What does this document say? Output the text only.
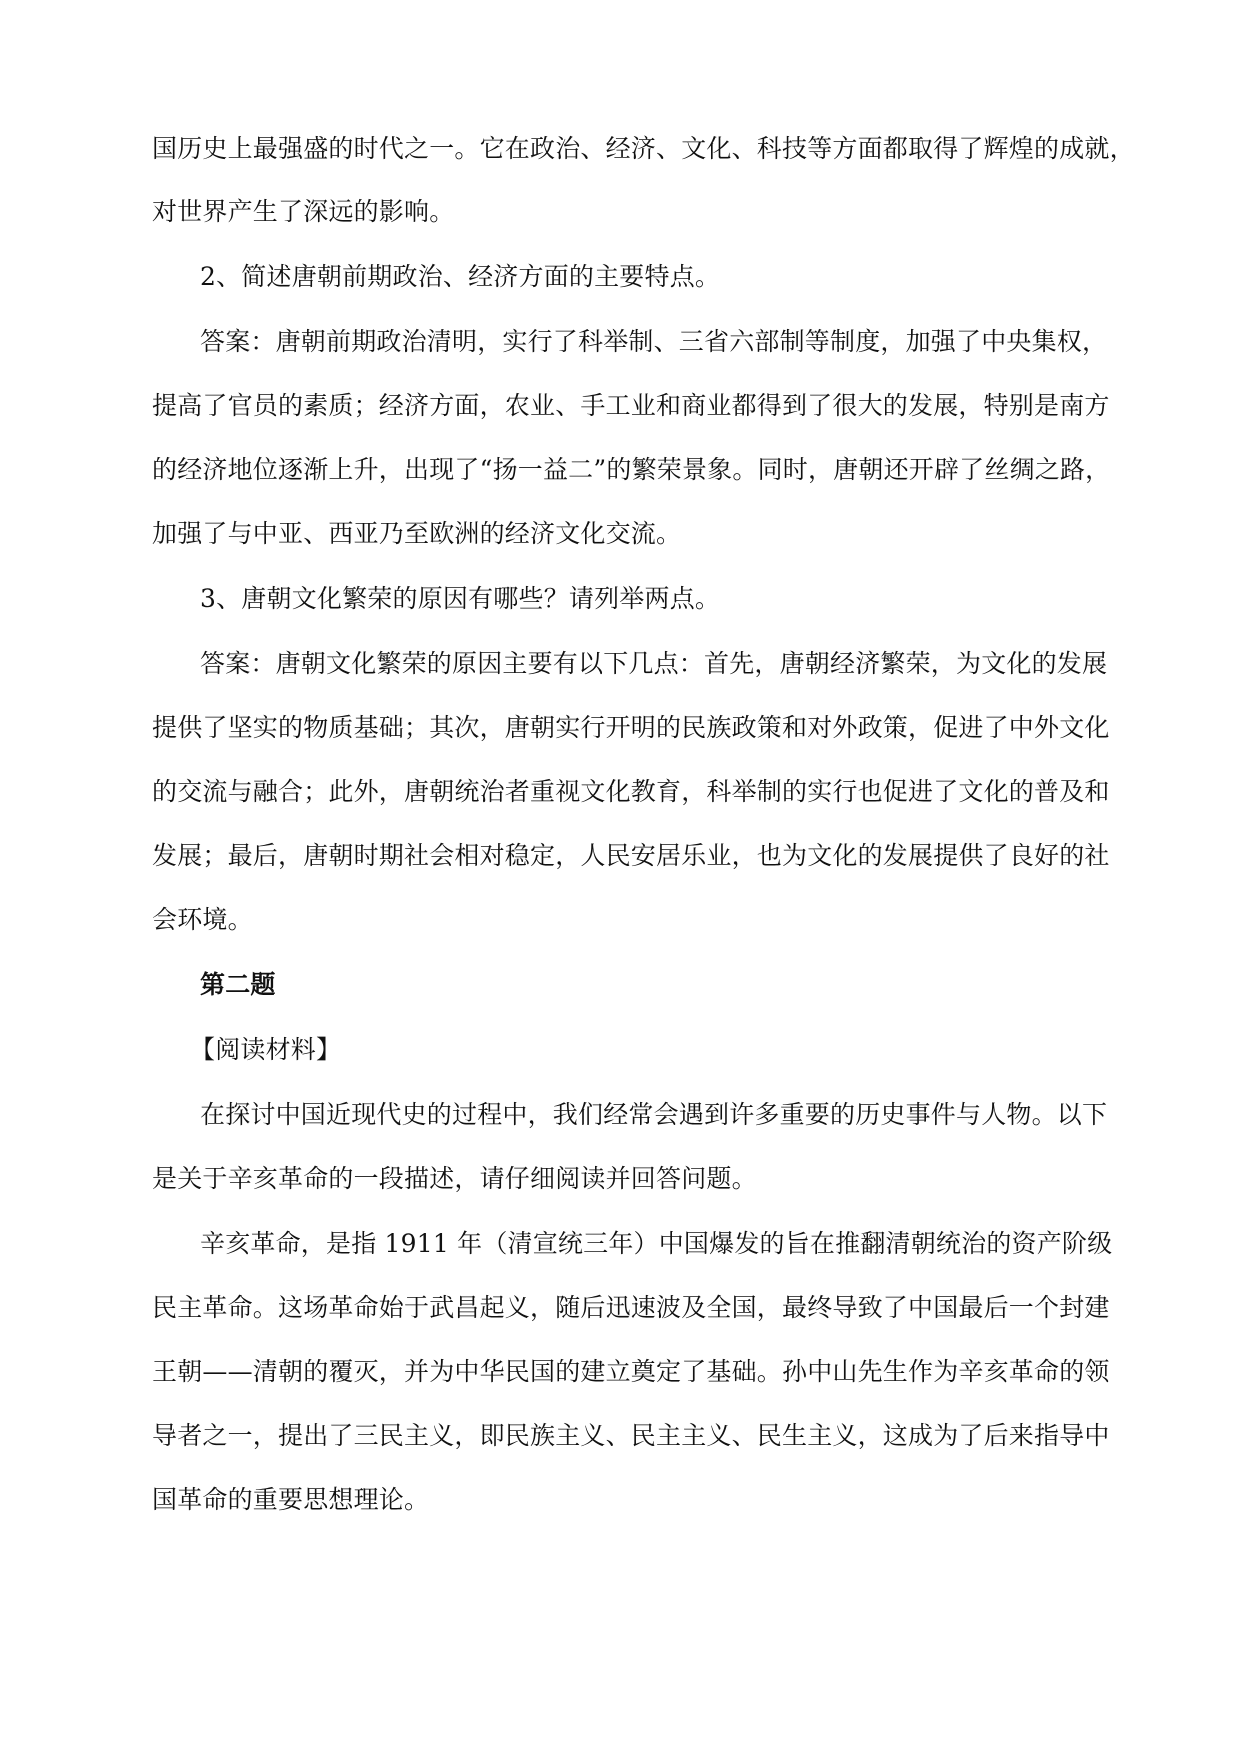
国历史上最强盛的时代之一。它在政治、经济、文化、科技等方面都取得了辉煌的成就，
对世界产生了深远的影响。
2、简述唐朝前期政治、经济方面的主要特点。
答案：唐朝前期政治清明，实行了科举制、三省六部制等制度，加强了中央集权，
提高了官员的素质；经济方面，农业、手工业和商业都得到了很大的发展，特别是南方
的经济地位逐渐上升，出现了“扬一益二”的繁荣景象。同时，唐朝还开辟了丝绸之路，
加强了与中亚、西亚乃至欧洲的经济文化交流。
3、唐朝文化繁荣的原因有哪些？请列举两点。
答案：唐朝文化繁荣的原因主要有以下几点：首先，唐朝经济繁荣，为文化的发展
提供了坚实的物质基础；其次，唐朝实行开明的民族政策和对外政策，促进了中外文化
的交流与融合；此外，唐朝统治者重视文化教育，科举制的实行也促进了文化的普及和
发展；最后，唐朝时期社会相对稳定，人民安居乐业，也为文化的发展提供了良好的社
会环境。
第二题
【阅读材料】
在探讨中国近现代史的过程中，我们经常会遇到许多重要的历史事件与人物。以下
是关于辛亥革命的一段描述，请仔细阅读并回答问题。
辛亥革命，是指 1911 年（清宣统三年）中国爆发的旨在推翻清朝统治的资产阶级
民主革命。这场革命始于武昌起义，随后迅速波及全国，最终导致了中国最后一个封建
王朝——清朝的覆灭，并为中华民国的建立奠定了基础。孙中山先生作为辛亥革命的领
导者之一，提出了三民主义，即民族主义、民主主义、民生主义，这成为了后来指导中
国革命的重要思想理论。
